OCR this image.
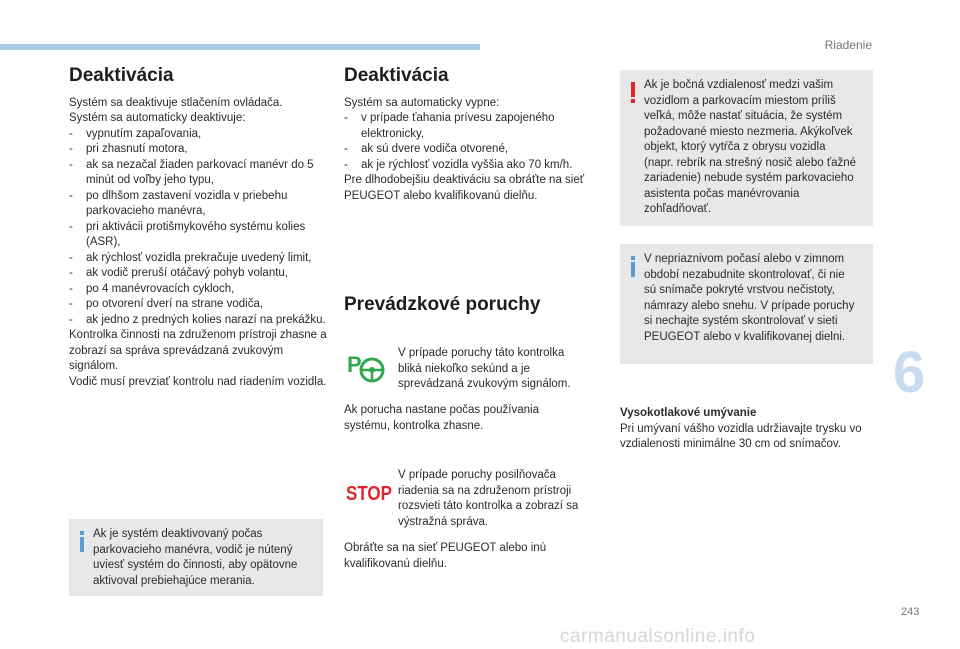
Riadenie
6
243
carmanualsonline.info
Deaktivácia

Systém sa deaktivuje stlačením ovládača.

Systém sa automaticky deaktivuje:

- vypnutím zapaľovania,
- pri zhasnutí motora,
- ak sa nezačal žiaden parkovací manévr do 5 minút od voľby jeho typu,
- po dlhšom zastavení vozidla v priebehu parkovacieho manévra,
- pri aktivácii protišmykového systému kolies (ASR),
- ak rýchlosť vozidla prekračuje uvedený limit,
- ak vodič preruší otáčavý pohyb volantu,
- po 4 manévrovacích cykloch,
- po otvorení dverí na strane vodiča,
- ak jedno z predných kolies narazí na prekážku.

Kontrolka činnosti na združenom prístroji zhasne a zobrazí sa správa sprevádzaná zvukovým signálom.

Vodič musí prevziať kontrolu nad riadením vozidla.

Ak je systém deaktivovaný počas parkovacieho manévra, vodič je nútený uviesť systém do činnosti, aby opätovne aktivoval prebiehajúce merania.
Deaktivácia

Systém sa automaticky vypne:

- v prípade ťahania prívesu zapojeného elektronicky,
- ak sú dvere vodiča otvorené,
- ak je rýchlosť vozidla vyššia ako 70 km/h.

Pre dlhodobejšiu deaktiváciu sa obráťte na sieť PEUGEOT alebo kvalifikovanú dielňu.

Prevádzkové poruchy
P	V prípade poruchy táto kontrolka bliká niekoľko sekúnd a je sprevádzaná zvukovým signálom.
Ak porucha nastane počas používania systému, kontrolka zhasne.
STOP
V prípade poruchy posilňovača riadenia sa na združenom prístroji rozsvieti táto kontrolka a zobrazí sa výstražná správa.
Obráťte sa na sieť PEUGEOT alebo inú kvalifikovanú dielňu.
Ak je bočná vzdialenosť medzi vašim vozidlom a parkovacím miestom príliš veľká, môže nastať situácia, že systém požadované miesto nezmeria. Akýkoľvek objekt, ktorý vytŕča z obrysu vozidla (napr. rebrík na strešný nosič alebo ťažné zariadenie) nebude systém parkovacieho asistenta počas manévrovania zohľadňovať.
V nepriaznivom počasí alebo v zimnom období nezabudnite skontrolovať, či nie sú snímače pokryté vrstvou nečistoty, námrazy alebo snehu. V prípade poruchy si nechajte systém skontrolovať v sieti PEUGEOT alebo v kvalifikovanej dielni.
Vysokotlakové umývanie
Pri umývaní vášho vozidla udržiavajte trysku vo vzdialenosti minimálne 30 cm od snímačov.
